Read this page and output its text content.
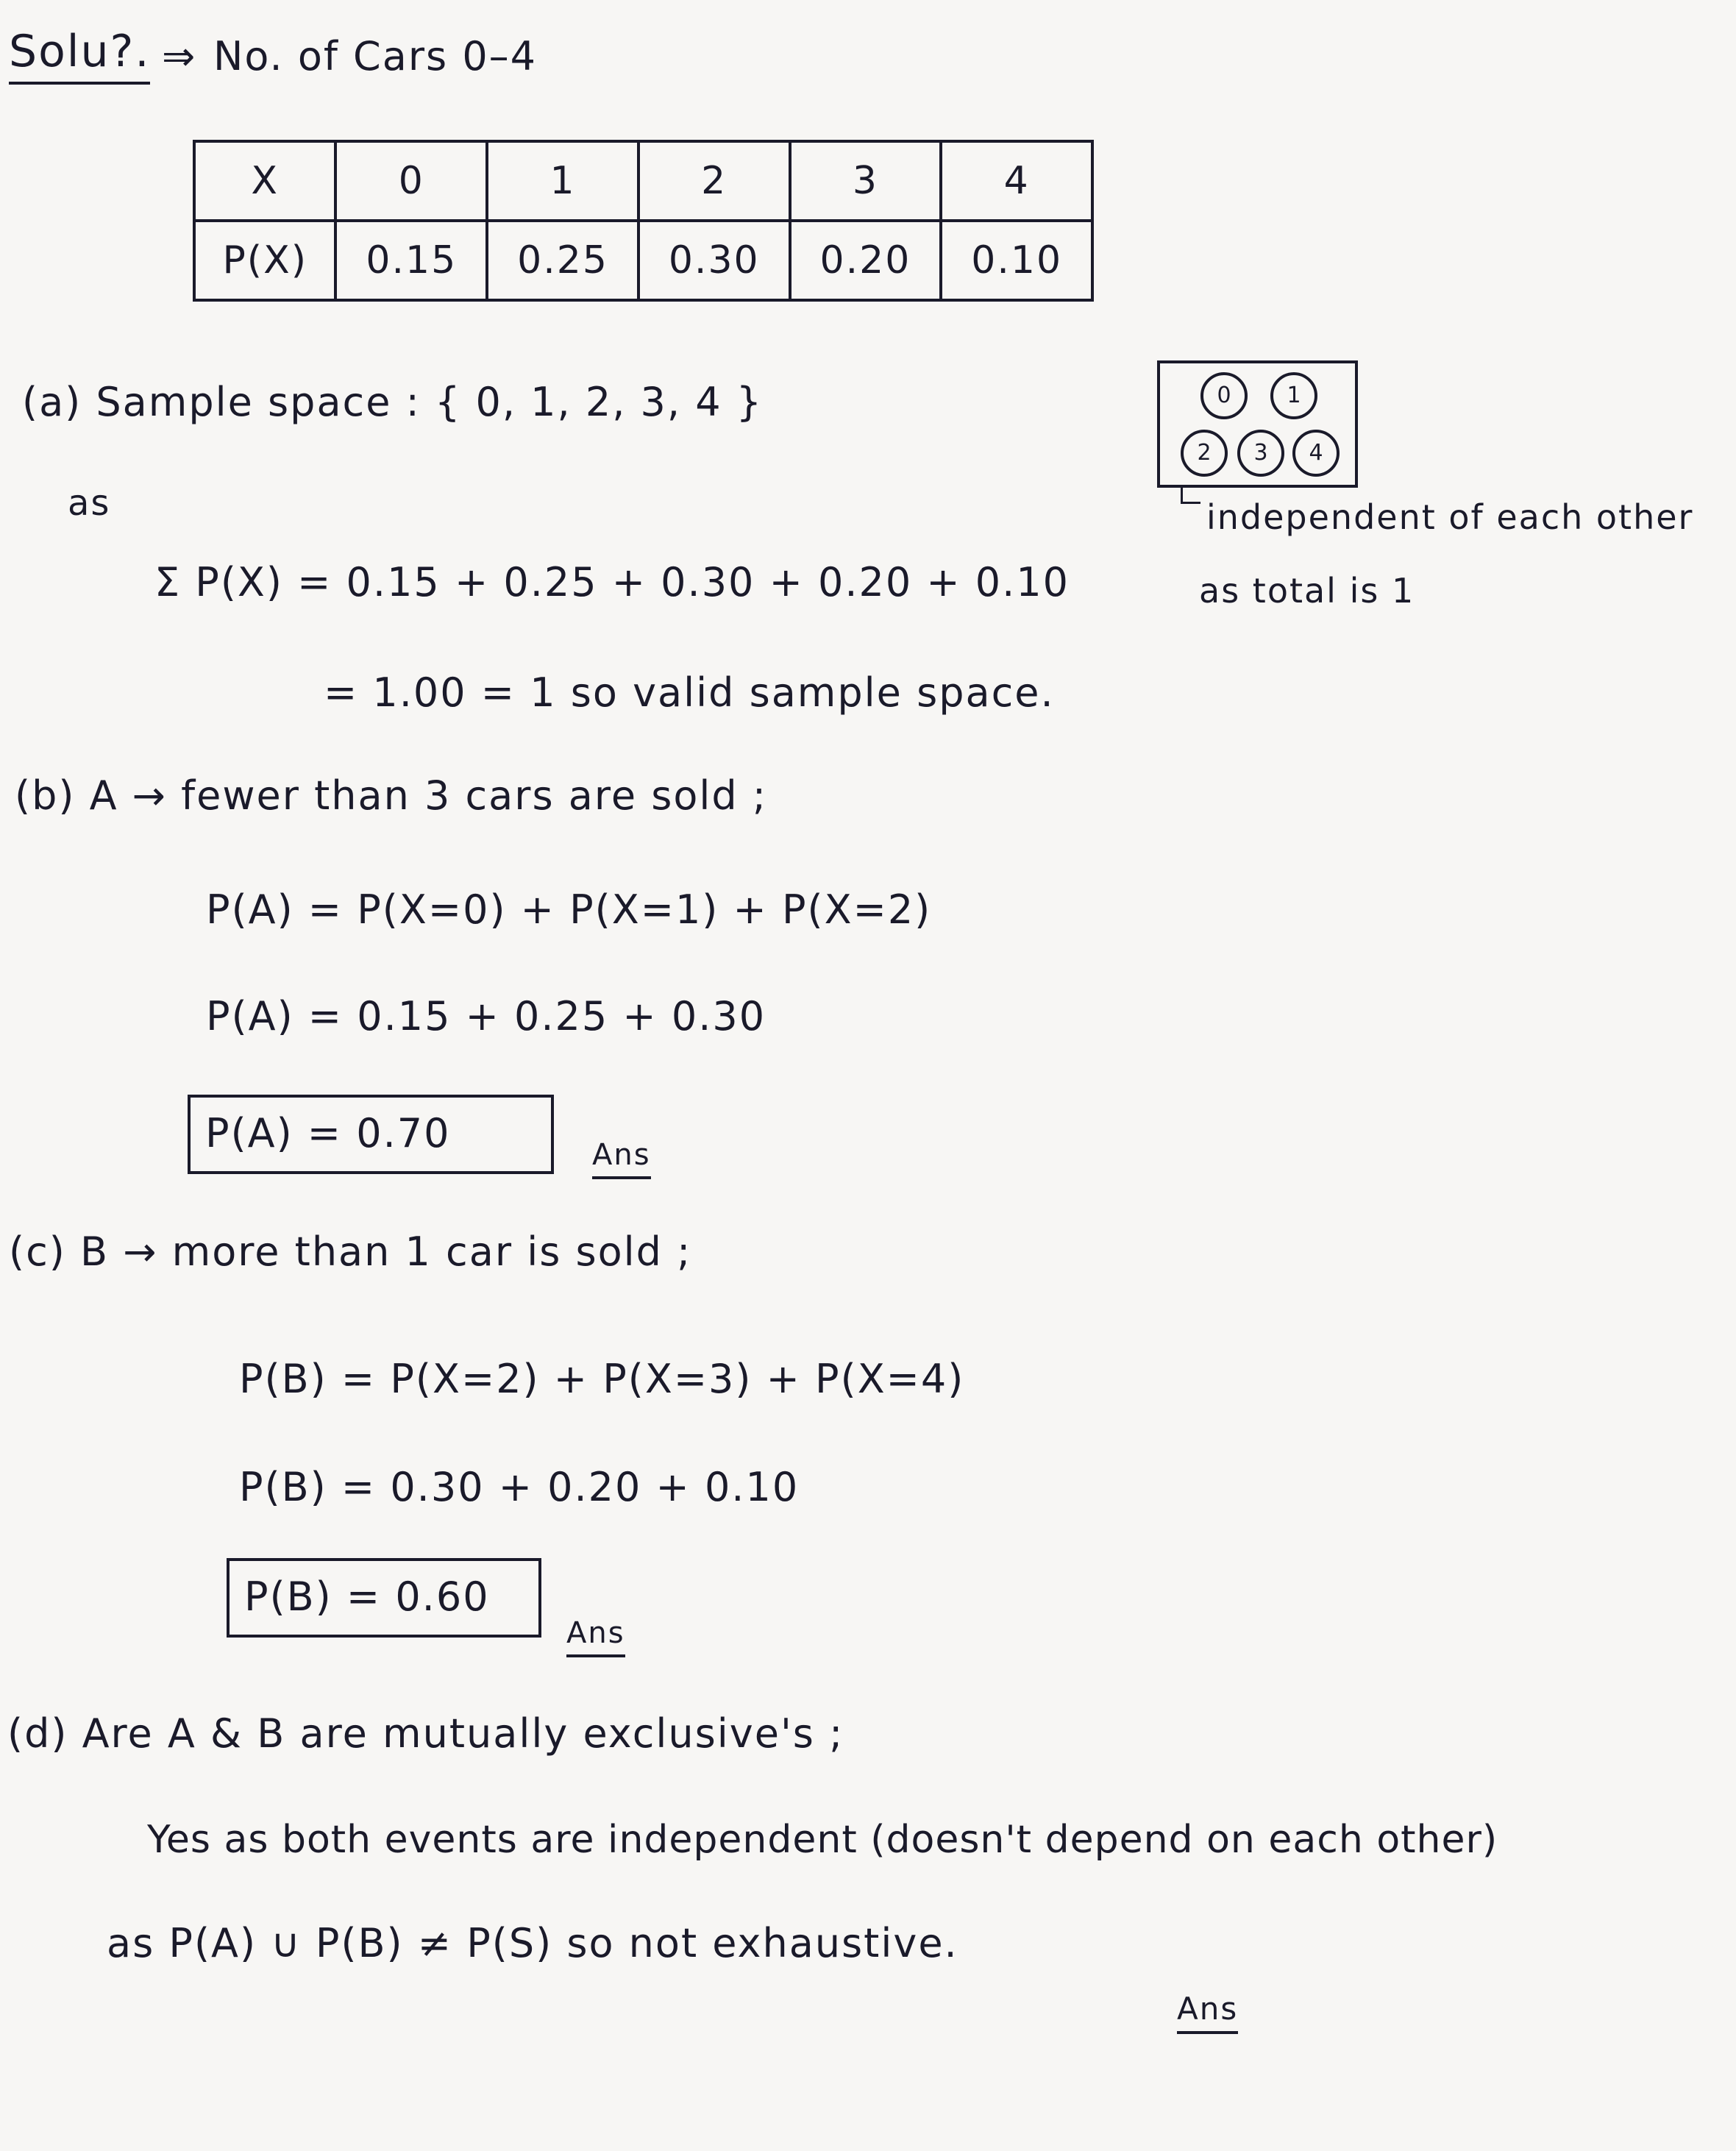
Solu?. ⇒ No. of Cars 0–4
X	0	1	2	3	4
P(X)	0.15	0.25	0.30	0.20	0.10
(a) Sample space : { 0, 1, 2, 3, 4 }
as
Σ P(X) = 0.15 + 0.25 + 0.30 + 0.20 + 0.10
= 1.00 = 1 so valid sample space.
0	1
2	3	4
independent of each other
as total is 1
(b) A → fewer than 3 cars are sold ;
P(A) = P(X=0) + P(X=1) + P(X=2)
P(A) = 0.15 + 0.25 + 0.30
P(A) = 0.70	Ans
(c) B → more than 1 car is sold ;
P(B) = P(X=2) + P(X=3) + P(X=4)
P(B) = 0.30 + 0.20 + 0.10
P(B) = 0.60
Ans
(d) Are A & B are mutually exclusive's ;
Yes as both events are independent (doesn't depend on each other)
as P(A) ∪ P(B) ≠ P(S) so not exhaustive.
Ans
